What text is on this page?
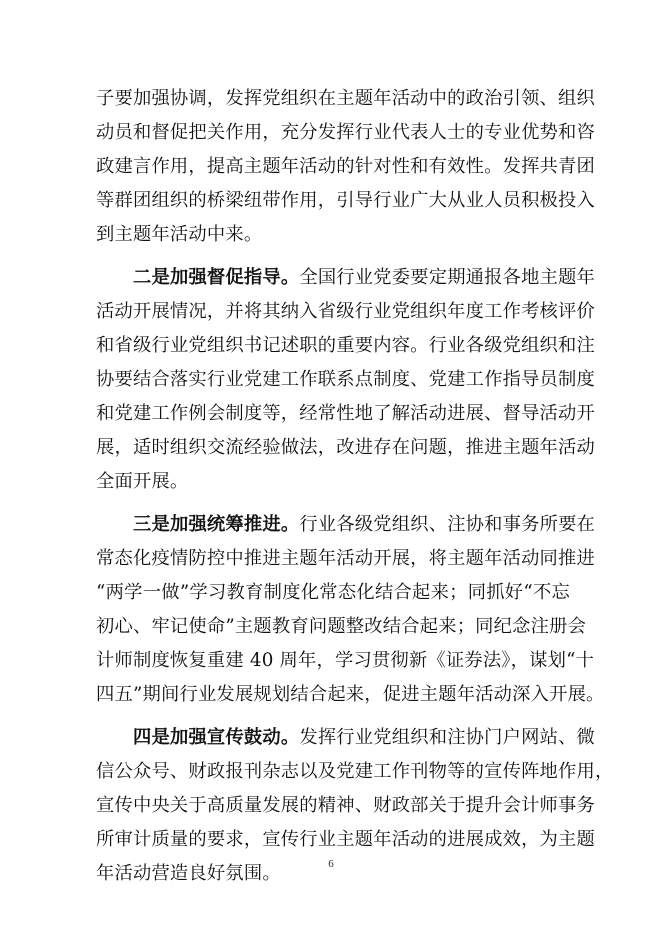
子要加强协调，发挥党组织在主题年活动中的政治引领、组织
动员和督促把关作用，充分发挥行业代表人士的专业优势和咨
政建言作用，提高主题年活动的针对性和有效性。发挥共青团
等群团组织的桥梁纽带作用，引导行业广大从业人员积极投入
到主题年活动中来。
二是加强督促指导。全国行业党委要定期通报各地主题年
活动开展情况，并将其纳入省级行业党组织年度工作考核评价
和省级行业党组织书记述职的重要内容。行业各级党组织和注
协要结合落实行业党建工作联系点制度、党建工作指导员制度
和党建工作例会制度等，经常性地了解活动进展、督导活动开
展，适时组织交流经验做法，改进存在问题，推进主题年活动
全面开展。
三是加强统筹推进。行业各级党组织、注协和事务所要在
常态化疫情防控中推进主题年活动开展，将主题年活动同推进
“两学一做”学习教育制度化常态化结合起来；同抓好“不忘
初心、牢记使命”主题教育问题整改结合起来；同纪念注册会
计师制度恢复重建 40 周年，学习贯彻新《证券法》，谋划“十
四五”期间行业发展规划结合起来，促进主题年活动深入开展。
四是加强宣传鼓动。发挥行业党组织和注协门户网站、微
信公众号、财政报刊杂志以及党建工作刊物等的宣传阵地作用，
宣传中央关于高质量发展的精神、财政部关于提升会计师事务
所审计质量的要求，宣传行业主题年活动的进展成效，为主题
年活动营造良好氛围。	6
